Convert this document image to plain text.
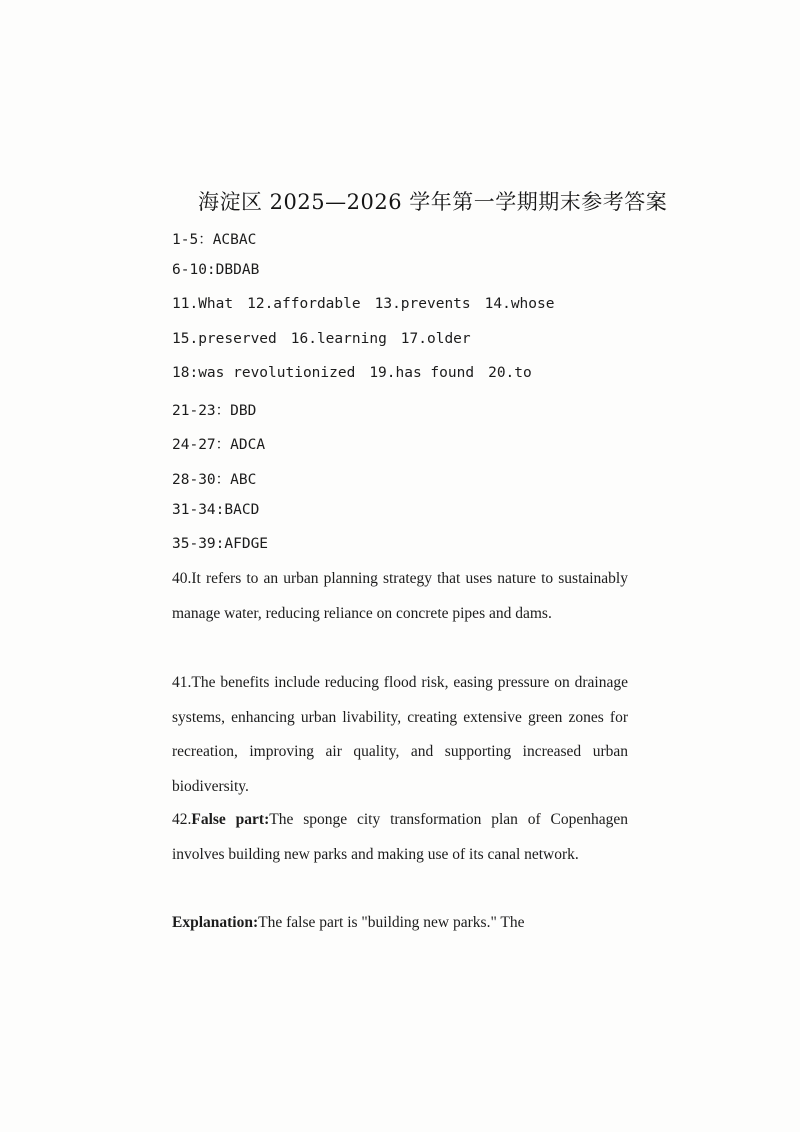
海淀区 2025—2026 学年第一学期期末参考答案
1-5：ACBAC
6-10:DBDAB
11.What 12.affordable 13.prevents 14.whose
15.preserved 16.learning 17.older
18:was revolutionized 19.has found 20.to
21-23：DBD
24-27：ADCA
28-30：ABC
31-34:BACD
35-39:AFDGE
40.It refers to an urban planning strategy that uses nature to sustainably manage water, reducing reliance on concrete pipes and dams.
41.The benefits include reducing flood risk, easing pressure on drainage systems, enhancing urban livability, creating extensive green zones for recreation, improving air quality, and supporting increased urban biodiversity.
42.False part:The sponge city transformation plan of Copenhagen involves building new parks and making use of its canal network.
Explanation:The false part is "building new parks." The
